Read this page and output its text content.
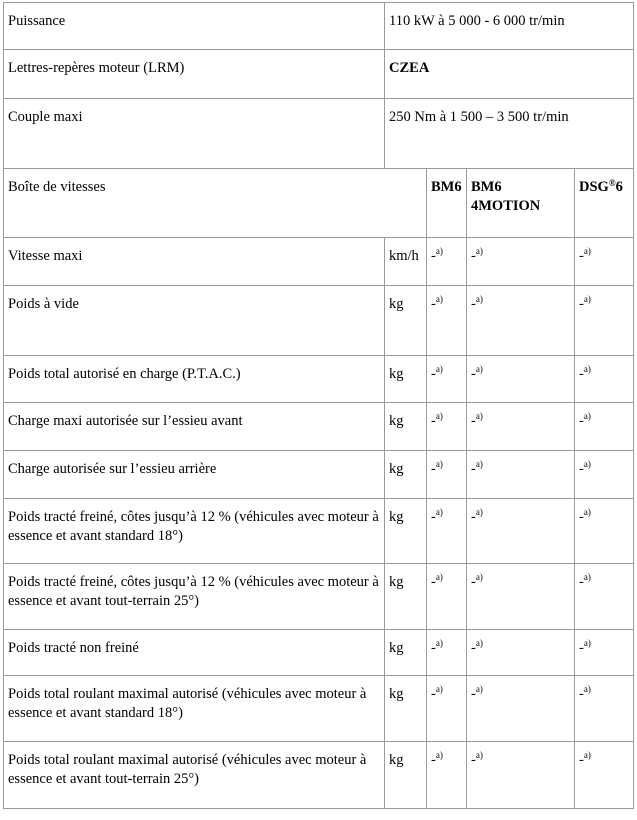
Puissance	110 kW à 5 000 - 6 000 tr/min			
Lettres-repères moteur (LRM)	CZEA			
Couple maxi	250 Nm à 1 500 – 3 500 tr/min			
Boîte de vitesses		BM6	BM6 4MOTION	DSG®6
Vitesse maxi	km/h	-$^{a)}$	-$^{a)}$	-$^{a)}$
Poids à vide	kg	-$^{a)}$	-$^{a)}$	-$^{a)}$
Poids total autorisé en charge (P.T.A.C.)	kg	-$^{a)}$	-$^{a)}$	-$^{a)}$
Charge maxi autorisée sur l’essieu avant	kg	-$^{a)}$	-$^{a)}$	-$^{a)}$
Charge autorisée sur l’essieu arrière	kg	-$^{a)}$	-$^{a)}$	-$^{a)}$
Poids tracté freiné, côtes jusqu’à 12 % (véhicules avec moteur à essence et avant standard 18°)	kg	-$^{a)}$	-$^{a)}$	-$^{a)}$
Poids tracté freiné, côtes jusqu’à 12 % (véhicules avec moteur à essence et avant tout-terrain 25°)	kg	-$^{a)}$	-$^{a)}$	-$^{a)}$
Poids tracté non freiné	kg	-$^{a)}$	-$^{a)}$	-$^{a)}$
Poids total roulant maximal autorisé (véhicules avec moteur à essence et avant standard 18°)	kg	-$^{a)}$	-$^{a)}$	-$^{a)}$
Poids total roulant maximal autorisé (véhicules avec moteur à essence et avant tout-terrain 25°)	kg	-$^{a)}$	-$^{a)}$	-$^{a)}$
